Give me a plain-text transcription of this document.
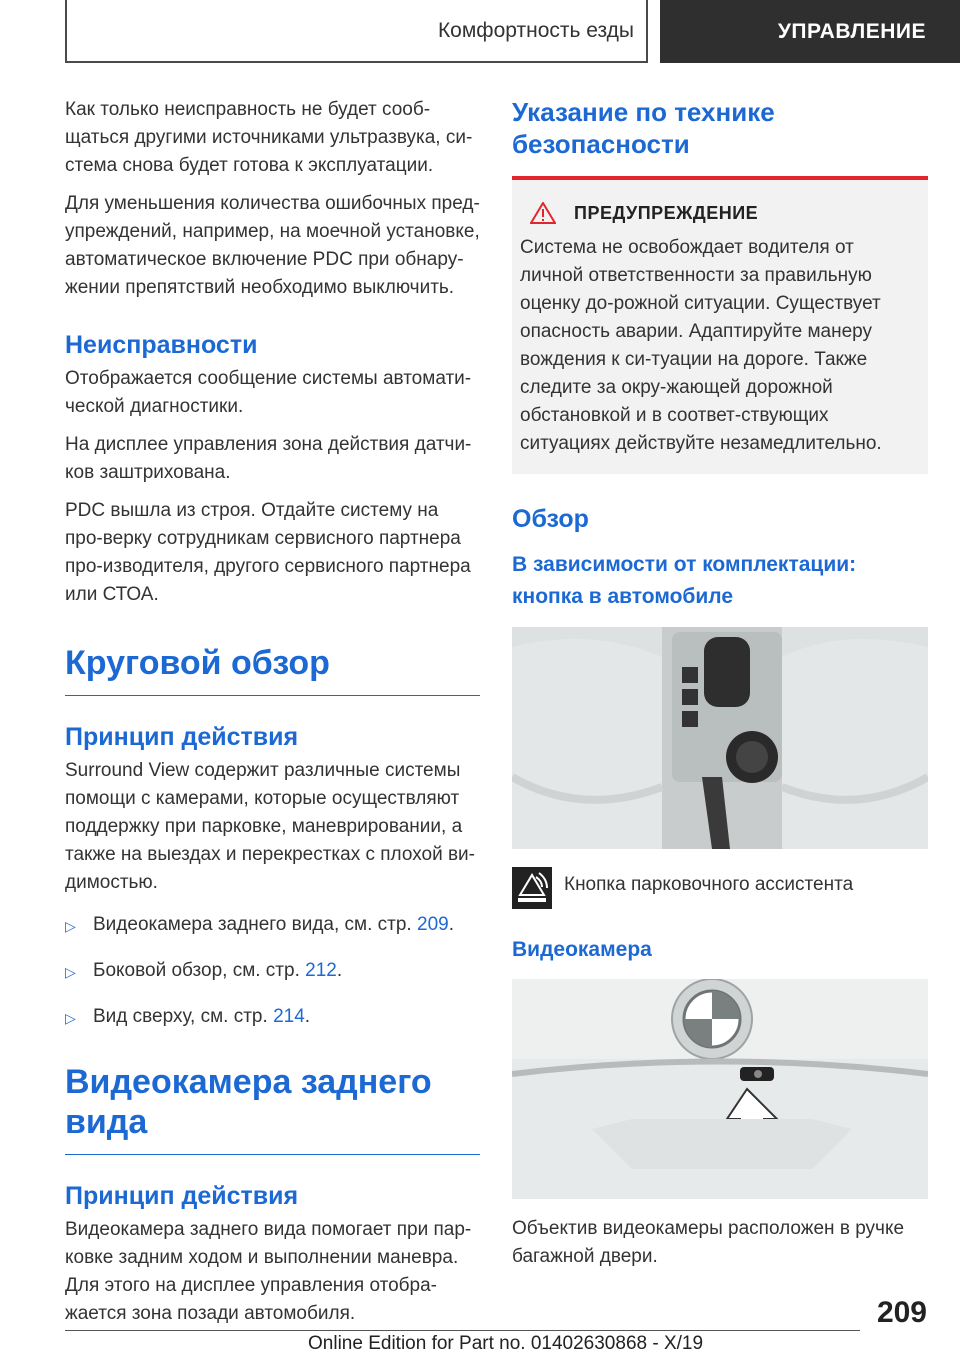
Комфортность езды	УПРАВЛЕНИЕ

Как только неисправность не будет сооб-щаться другими источниками ультразвука, си-стема снова будет готова к эксплуатации.

Для уменьшения количества ошибочных пред-упреждений, например, на моечной установке, автоматическое включение PDC при обнару-жении препятствий необходимо выключить.

Неисправности

Отображается сообщение системы автомати-ческой диагностики.

На дисплее управления зона действия датчи-ков заштрихована.

PDC вышла из строя. Отдайте систему на про-верку сотрудникам сервисного партнера про-изводителя, другого сервисного партнера или СТОА.

Круговой обзор
Принцип действия

Surround View содержит различные системы помощи с камерами, которые осуществляют поддержку при парковке, маневрировании, а также на выездах и перекрестках с плохой ви-димостью.

▷ Видеокамера заднего вида, см. стр. 209.
▷ Боковой обзор, см. стр. 212.
▷ Вид сверху, см. стр. 214.
Видеокамера заднего вида
Принцип действия

Видеокамера заднего вида помогает при пар-ковке задним ходом и выполнении маневра. Для этого на дисплее управления отобра-жается зона позади автомобиля.

Указание по технике безопасности
ПРЕДУПРЕЖДЕНИЕ

Система не освобождает водителя от личной ответственности за правильную оценку до-рожной ситуации. Существует опасность аварии. Адаптируйте манеру вождения к си-туации на дороге. Также следите за окру-жающей дорожной обстановкой и в соответ-ствующих ситуациях действуйте незамедлительно.

Обзор
В зависимости от комплектации: кнопка в автомобиле

Кнопка парковочного ассистента

Видеокамера

Объектив видеокамеры расположен в ручке багажной двери.

209
Online Edition for Part no. 01402630868 - X/19
